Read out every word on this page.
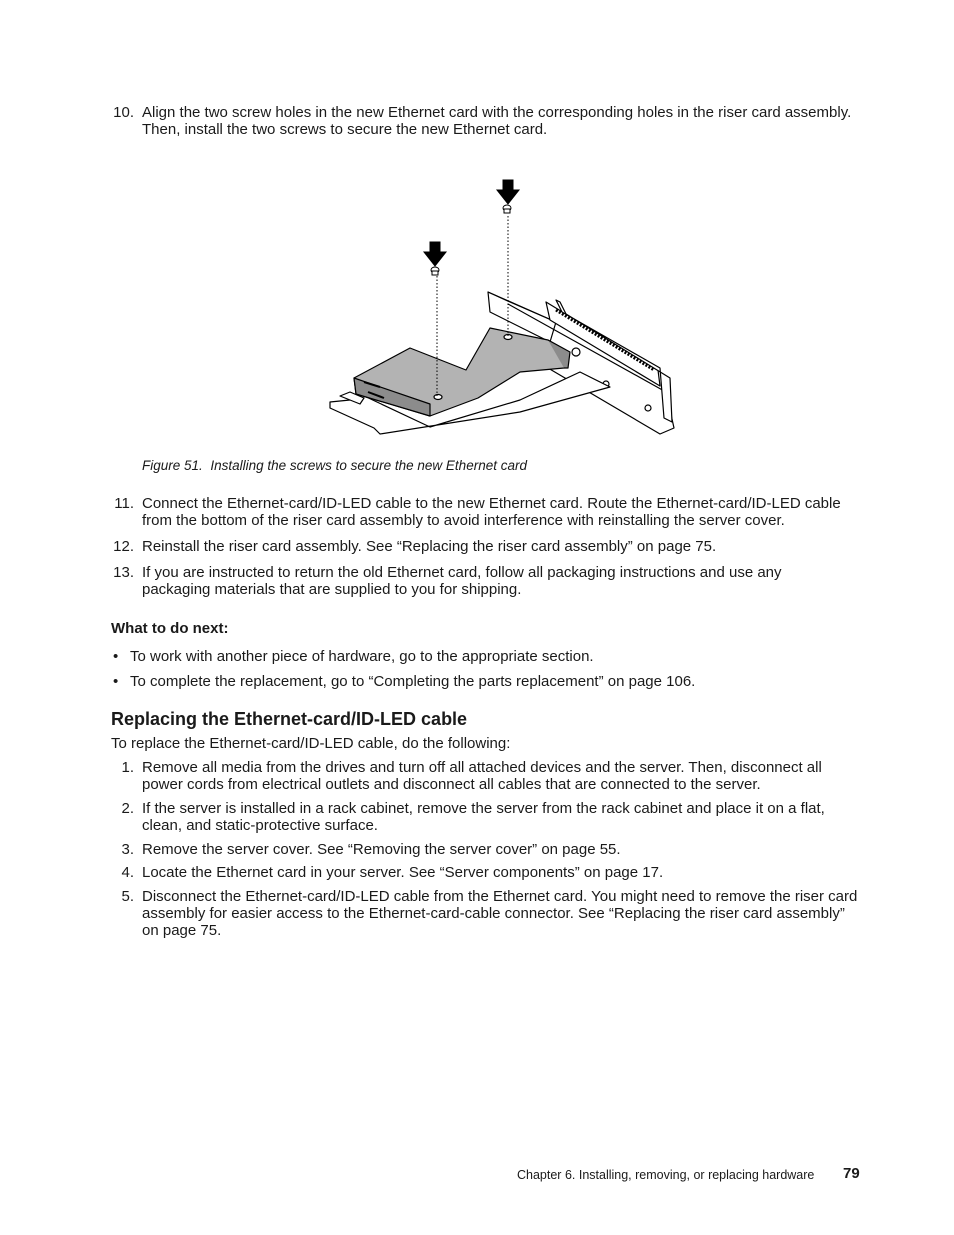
10. Align the two screw holes in the new Ethernet card with the corresponding holes in the riser card assembly. Then, install the two screws to secure the new Ethernet card.
Figure 51. Installing the screws to secure the new Ethernet card
11. Connect the Ethernet-card/ID-LED cable to the new Ethernet card. Route the Ethernet-card/ID-LED cable from the bottom of the riser card assembly to avoid interference with reinstalling the server cover.
12. Reinstall the riser card assembly. See “Replacing the riser card assembly” on page 75.
13. If you are instructed to return the old Ethernet card, follow all packaging instructions and use any packaging materials that are supplied to you for shipping.
What to do next:
• To work with another piece of hardware, go to the appropriate section.
• To complete the replacement, go to “Completing the parts replacement” on page 106.
Replacing the Ethernet-card/ID-LED cable
To replace the Ethernet-card/ID-LED cable, do the following:
1. Remove all media from the drives and turn off all attached devices and the server. Then, disconnect all power cords from electrical outlets and disconnect all cables that are connected to the server.
2. If the server is installed in a rack cabinet, remove the server from the rack cabinet and place it on a flat, clean, and static-protective surface.
3. Remove the server cover. See “Removing the server cover” on page 55.
4. Locate the Ethernet card in your server. See “Server components” on page 17.
5. Disconnect the Ethernet-card/ID-LED cable from the Ethernet card. You might need to remove the riser card assembly for easier access to the Ethernet-card-cable connector. See “Replacing the riser card assembly” on page 75.
Chapter 6. Installing, removing, or replacing hardware 79
